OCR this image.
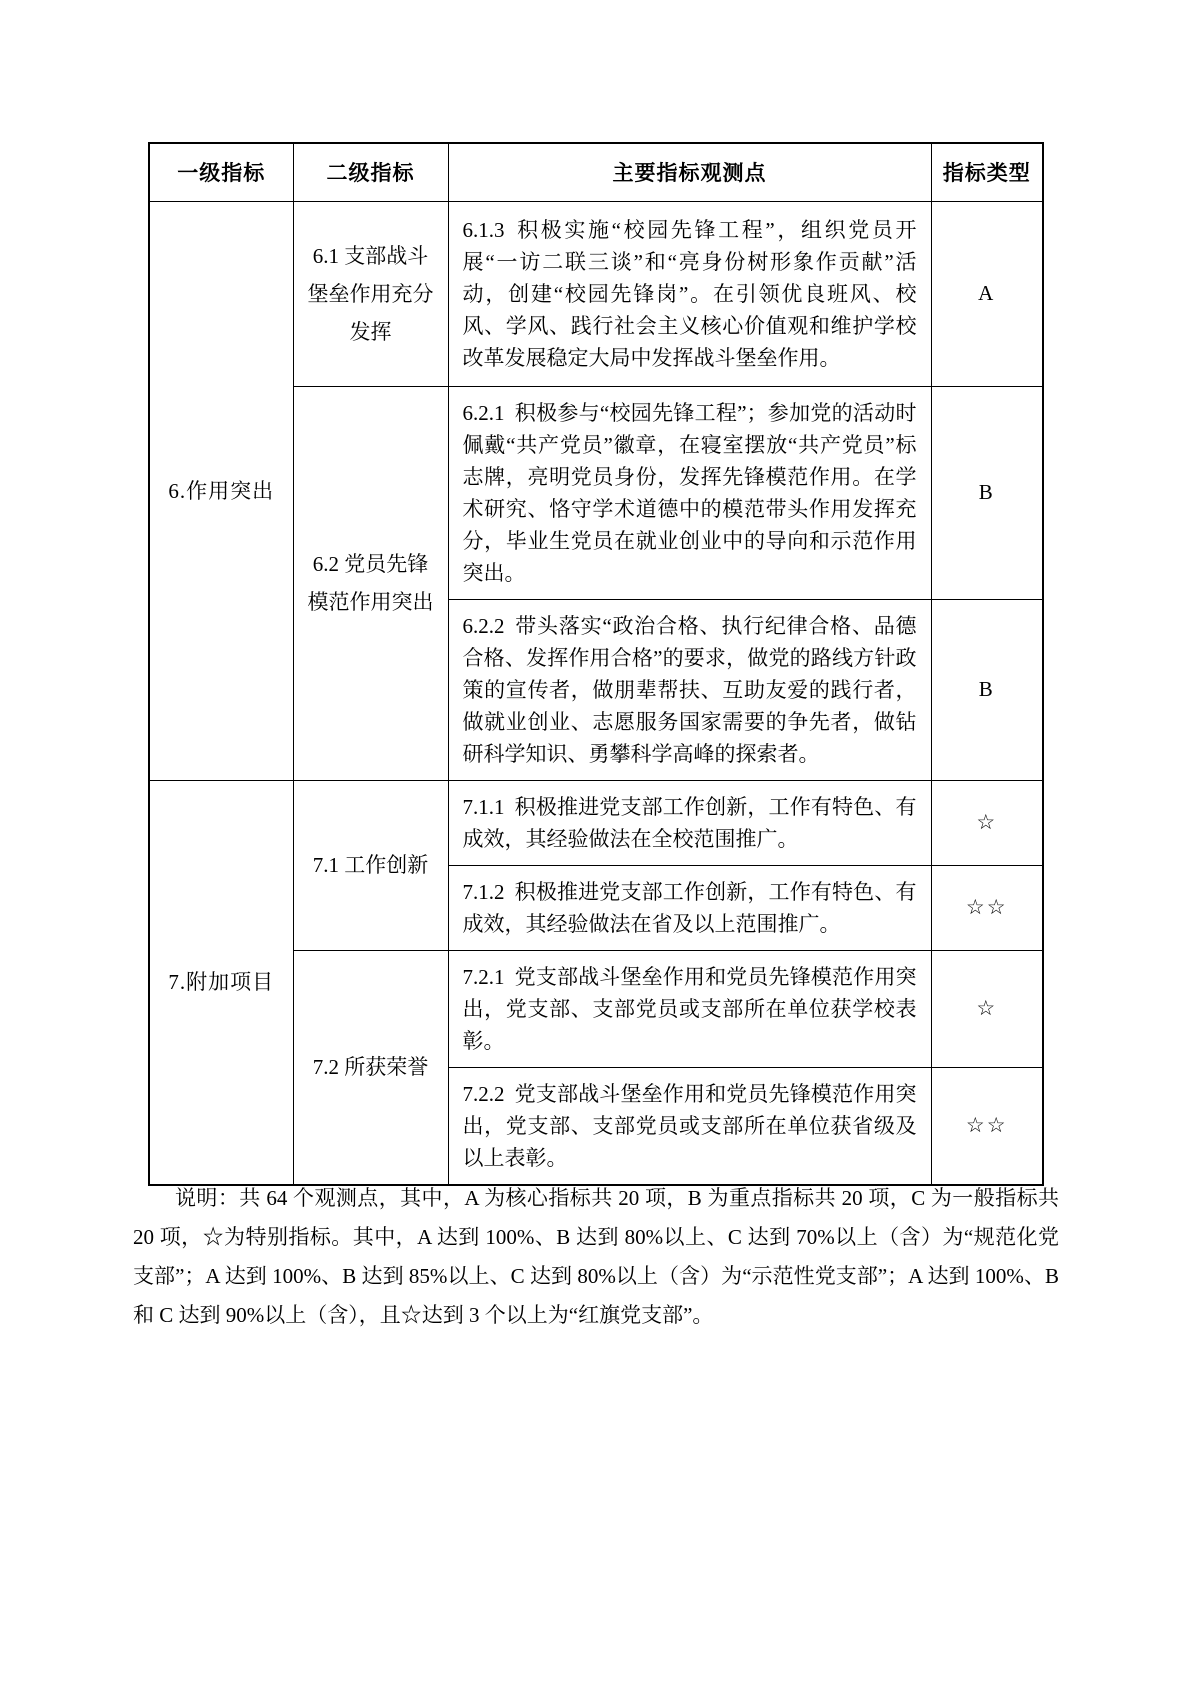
一级指标	二级指标	主要指标观测点	指标类型
6.作用突出	6.1 支部战斗堡垒作用充分发挥	6.1.3 积极实施“校园先锋工程”，组织党员开展“一访二联三谈”和“亮身份树形象作贡献”活动，创建“校园先锋岗”。在引领优良班风、校风、学风、践行社会主义核心价值观和维护学校改革发展稳定大局中发挥战斗堡垒作用。	A
	6.2 党员先锋模范作用突出	6.2.1 积极参与“校园先锋工程”；参加党的活动时佩戴“共产党员”徽章，在寝室摆放“共产党员”标志牌，亮明党员身份，发挥先锋模范作用。在学术研究、恪守学术道德中的模范带头作用发挥充分，毕业生党员在就业创业中的导向和示范作用突出。	B
		6.2.2 带头落实“政治合格、执行纪律合格、品德合格、发挥作用合格”的要求，做党的路线方针政策的宣传者，做朋辈帮扶、互助友爱的践行者，做就业创业、志愿服务国家需要的争先者，做钻研科学知识、勇攀科学高峰的探索者。	B
7.附加项目	7.1 工作创新	7.1.1 积极推进党支部工作创新，工作有特色、有成效，其经验做法在全校范围推广。	☆
		7.1.2 积极推进党支部工作创新，工作有特色、有成效，其经验做法在省及以上范围推广。	☆☆
	7.2 所获荣誉	7.2.1 党支部战斗堡垒作用和党员先锋模范作用突出，党支部、支部党员或支部所在单位获学校表彰。	☆
		7.2.2 党支部战斗堡垒作用和党员先锋模范作用突出，党支部、支部党员或支部所在单位获省级及以上表彰。	☆☆

说明：共 64 个观测点，其中，A 为核心指标共 20 项，B 为重点指标共 20 项，C 为一般指标共 20 项，☆为特别指标。其中，A 达到 100%、B 达到 80%以上、C 达到 70%以上（含）为“规范化党支部”；A 达到 100%、B 达到 85%以上、C 达到 80%以上（含）为“示范性党支部”；A 达到 100%、B 和 C 达到 90%以上（含），且☆达到 3 个以上为“红旗党支部”。
